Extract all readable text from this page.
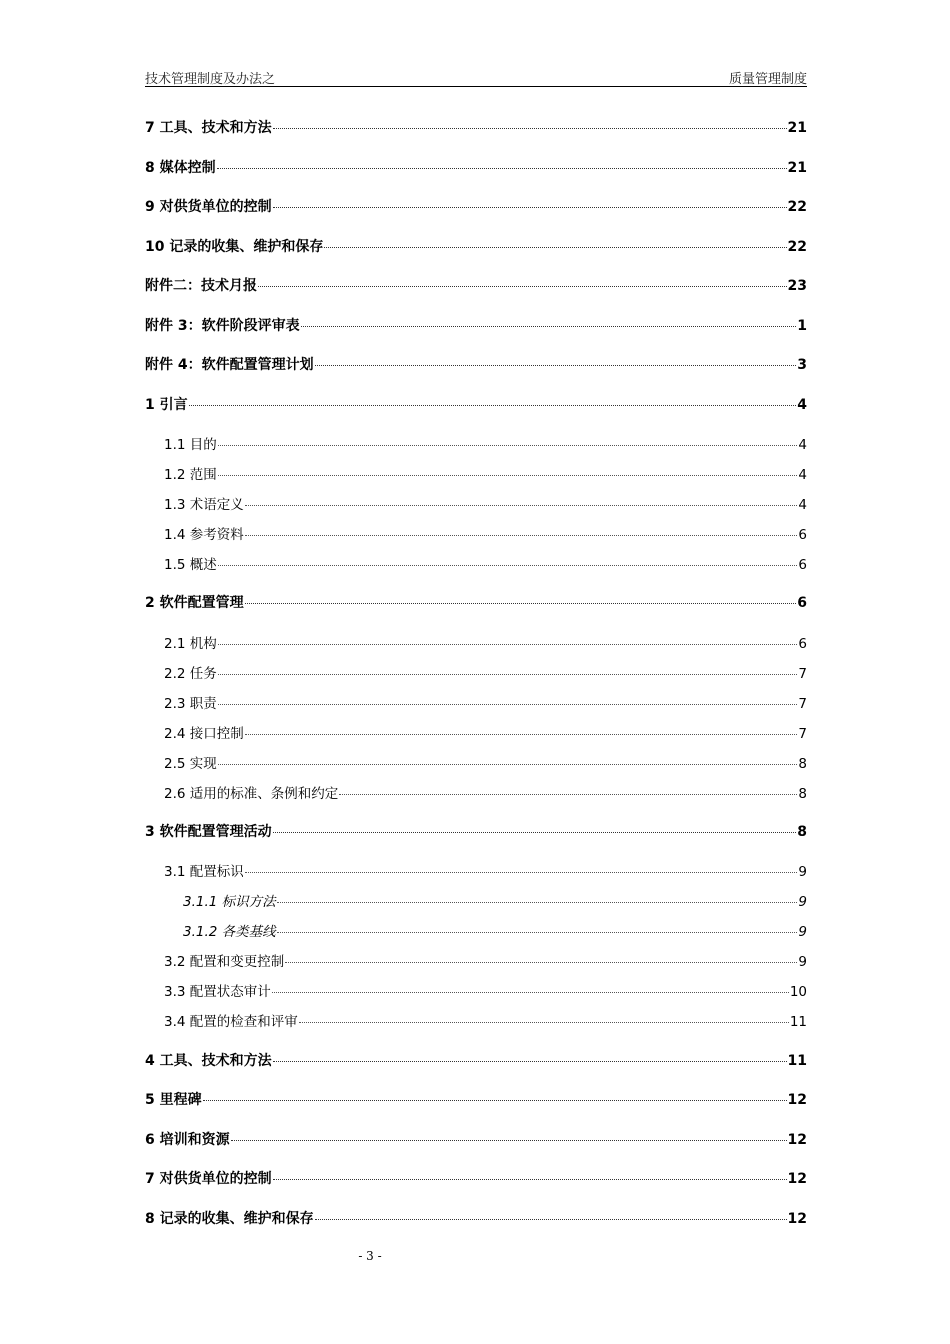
技术管理制度及办法之	质量管理制度
7 工具、技术和方法	21
8 媒体控制	21
9 对供货单位的控制	22
10 记录的收集、维护和保存	22
附件二：技术月报	23
附件 3：软件阶段评审表	1
附件 4：软件配置管理计划	3
1 引言	4
1.1 目的	4
1.2 范围	4
1.3 术语定义	4
1.4 参考资料	6
1.5 概述	6
2 软件配置管理	6
2.1 机构	6
2.2 任务	7
2.3 职责	7
2.4 接口控制	7
2.5 实现	8
2.6 适用的标准、条例和约定	8
3 软件配置管理活动	8
3.1 配置标识	9
3.1.1 标识方法	9
3.1.2 各类基线	9
3.2 配置和变更控制	9
3.3 配置状态审计	10
3.4 配置的检查和评审	11
4 工具、技术和方法	11
5 里程碑	12
6 培训和资源	12
7 对供货单位的控制	12
8 记录的收集、维护和保存	12
- 3 -
